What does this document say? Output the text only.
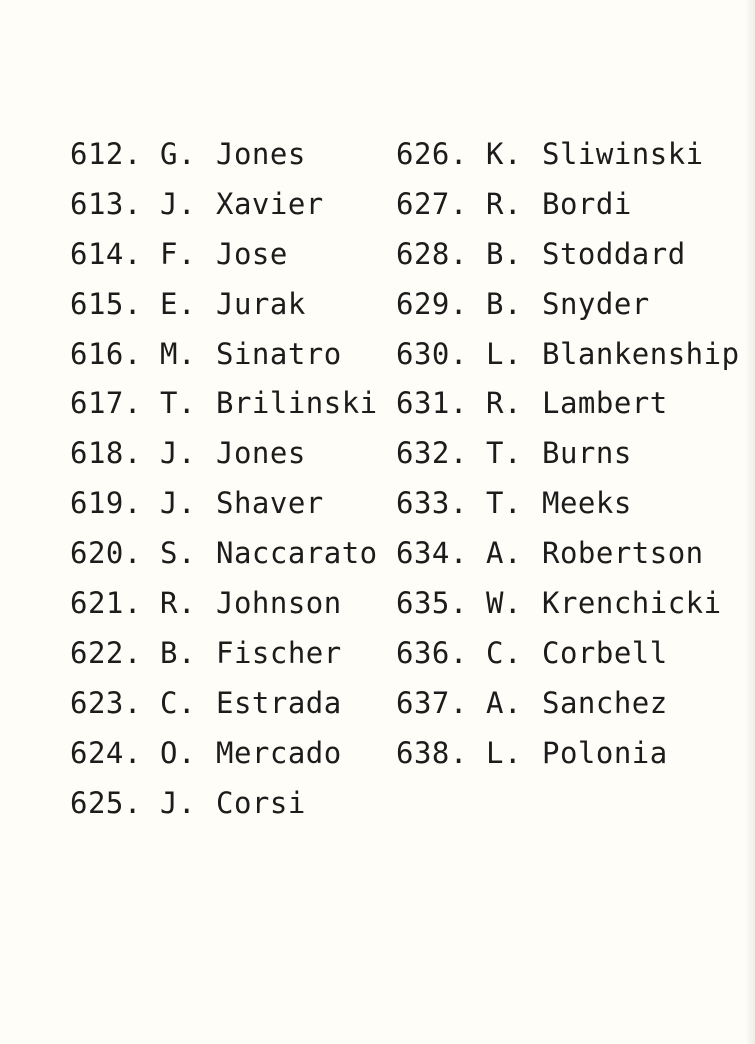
612. G. Jones
613. J. Xavier
614. F. Jose
615. E. Jurak
616. M. Sinatro
617. T. Brilinski
618. J. Jones
619. J. Shaver
620. S. Naccarato
621. R. Johnson
622. B. Fischer
623. C. Estrada
624. O. Mercado
625. J. Corsi
626. K. Sliwinski
627. R. Bordi
628. B. Stoddard
629. B. Snyder
630. L. Blankenship
631. R. Lambert
632. T. Burns
633. T. Meeks
634. A. Robertson
635. W. Krenchicki
636. C. Corbell
637. A. Sanchez
638. L. Polonia
